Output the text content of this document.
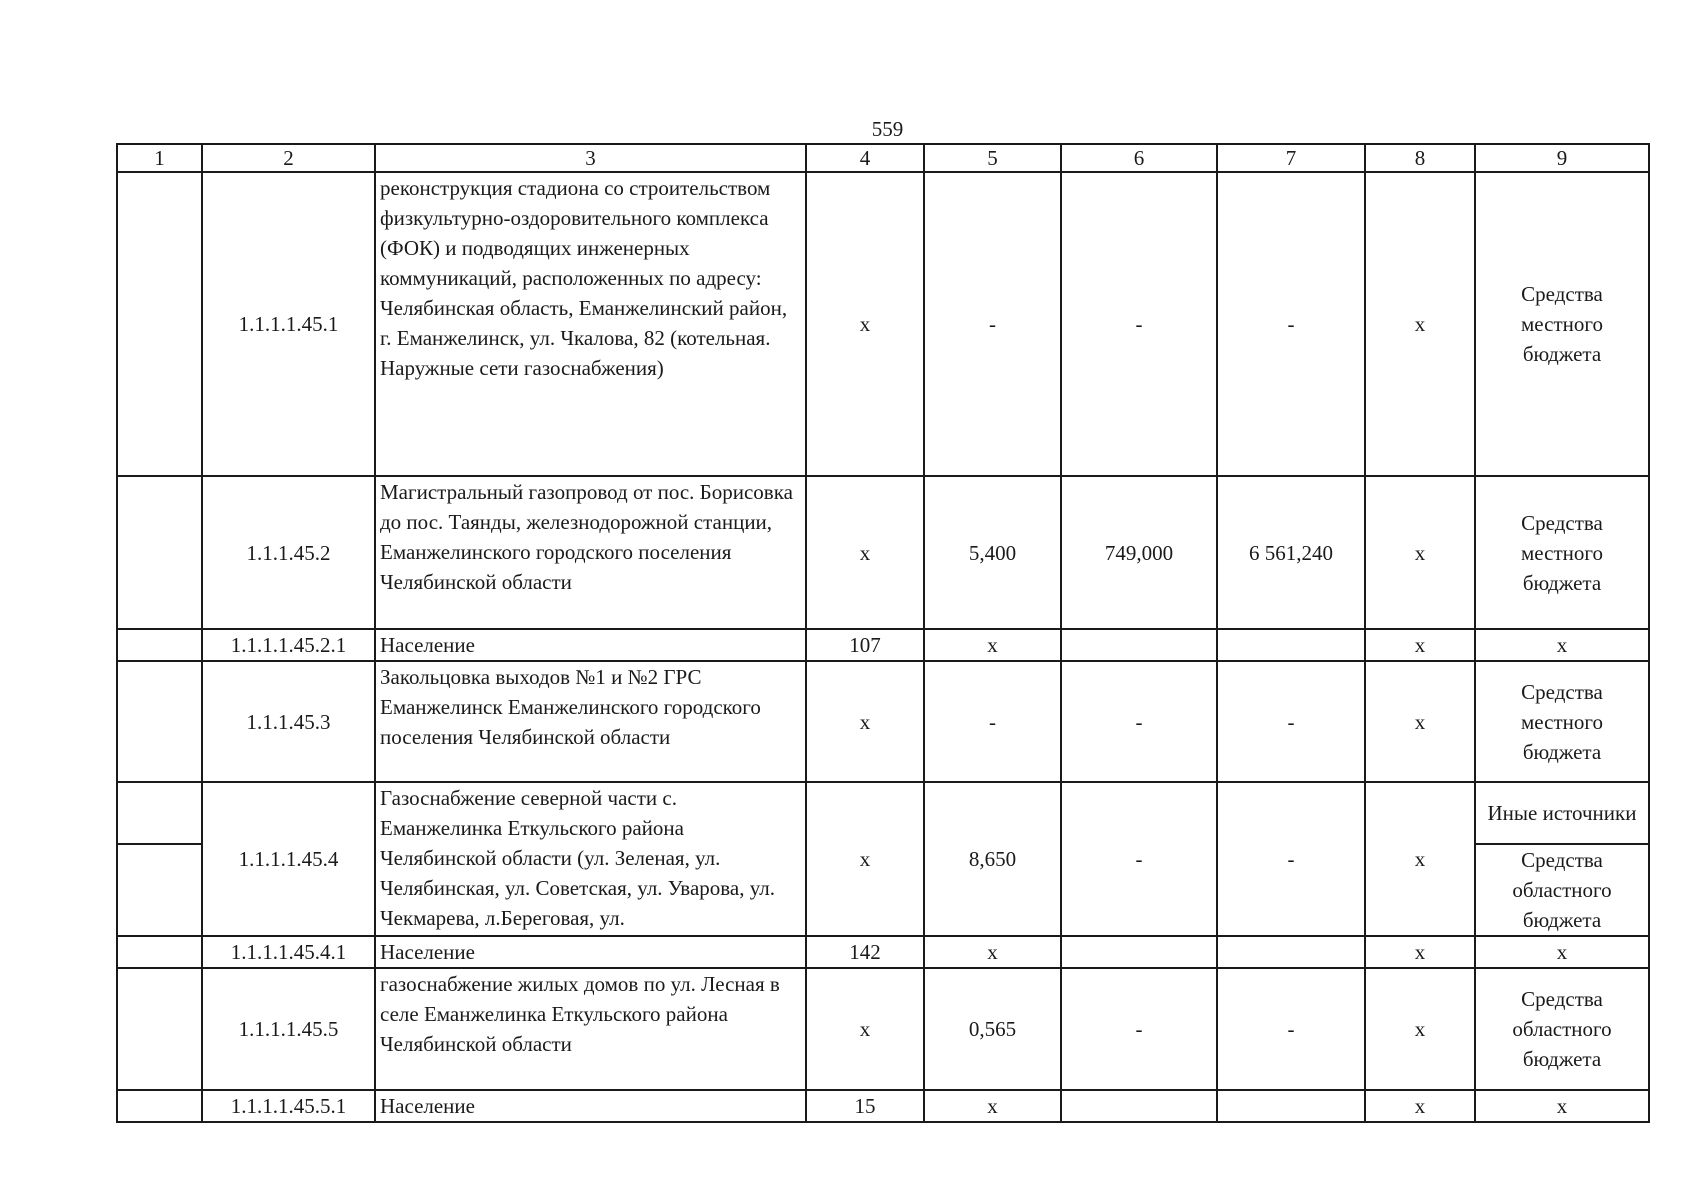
559
1	2	3	4	5	6	7	8	9
	1.1.1.1.45.1	реконструкция стадиона со строительством физкультурно-оздоровительного комплекса (ФОК) и подводящих инженерных коммуникаций, расположенных по адресу: Челябинская область, Еманжелинский район, г. Еманжелинск, ул. Чкалова, 82 (котельная. Наружные сети газоснабжения)	х	-	-	-	х	Средства местного бюджета
	1.1.1.45.2	Магистральный газопровод от пос. Борисовка до пос. Таянды, железнодорожной станции, Еманжелинского городского поселения Челябинской области	х	5,400	749,000	6 561,240	х	Средства местного бюджета
	1.1.1.1.45.2.1	Население	107	х			х	х
	1.1.1.45.3	Закольцовка выходов №1 и №2 ГРС Еманжелинск Еманжелинского городского поселения Челябинской области	х	-	-	-	х	Средства местного бюджета
	1.1.1.1.45.4	Газоснабжение северной части с. Еманжелинка Еткульского района Челябинской области (ул. Зеленая, ул. Челябинская, ул. Советская, ул. Уварова, ул. Чекмарева, л.Береговая, ул.	х	8,650	-	-	х	Иные источники
								Средства областного бюджета
	1.1.1.1.45.4.1	Население	142	х			х	х
	1.1.1.1.45.5	газоснабжение жилых домов по ул. Лесная в селе Еманжелинка Еткульского района Челябинской области	х	0,565	-	-	х	Средства областного бюджета
	1.1.1.1.45.5.1	Население	15	х			х	х
